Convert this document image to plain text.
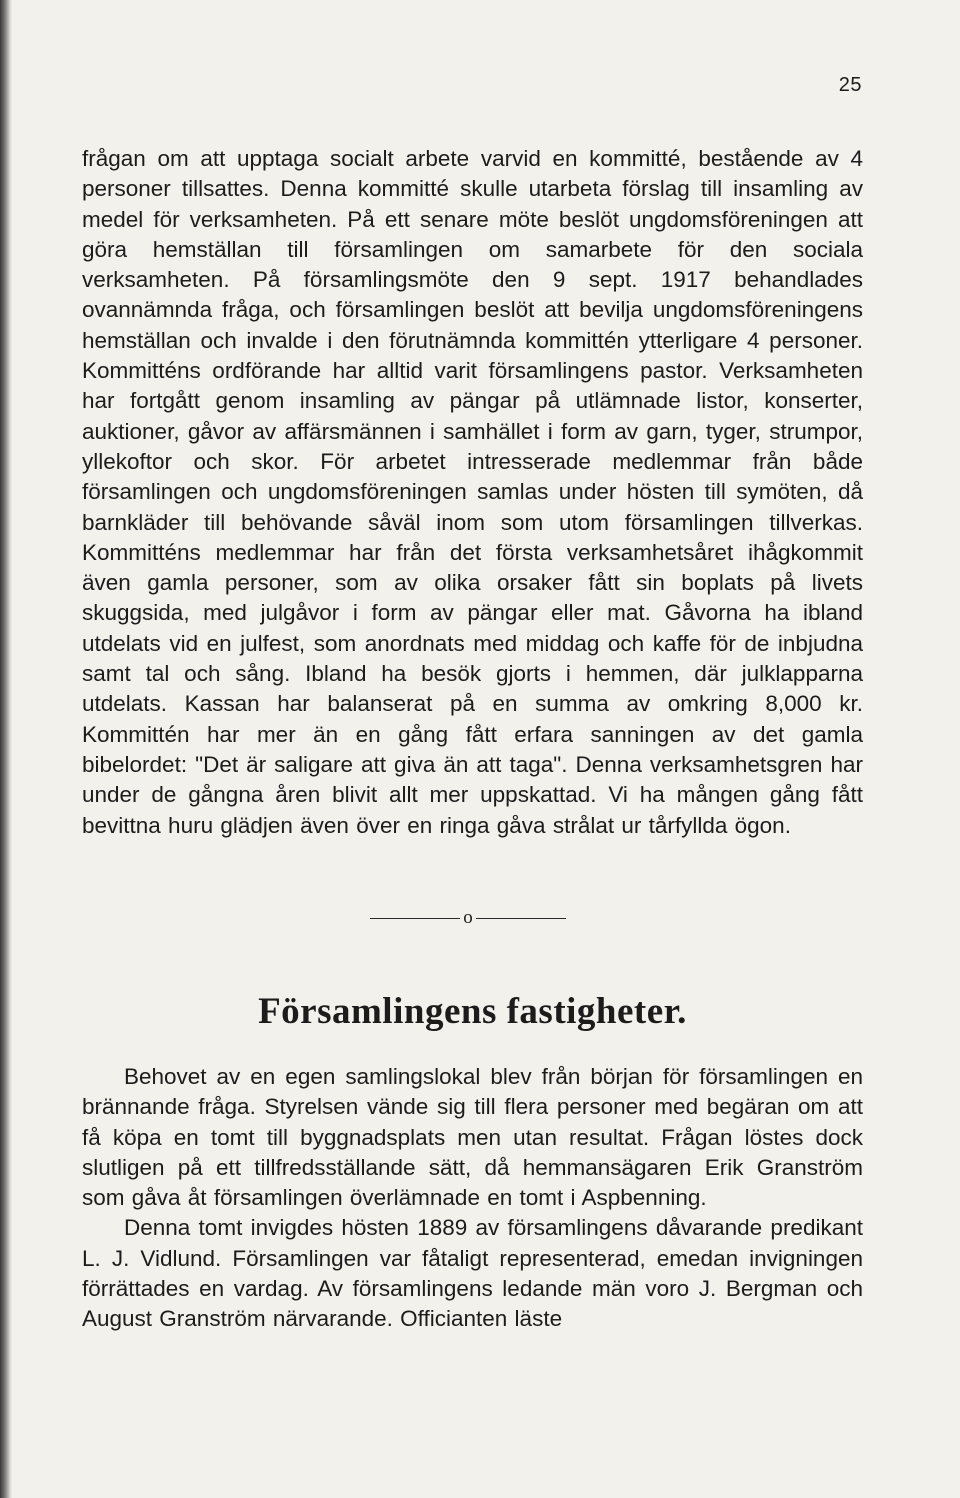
25

frågan om att upptaga socialt arbete varvid en kommitté, bestående av 4 personer tillsattes. Denna kommitté skulle utarbeta förslag till insamling av medel för verksamheten. På ett senare möte beslöt ungdomsföreningen att göra hemställan till församlingen om samarbete för den sociala verksamheten. På församlingsmöte den 9 sept. 1917 behandlades ovannämnda fråga, och församlingen beslöt att bevilja ungdomsföreningens hemställan och invalde i den förutnämnda kommittén ytterligare 4 personer. Kommitténs ordförande har alltid varit församlingens pastor. Verksamheten har fortgått genom insamling av pängar på utlämnade listor, konserter, auktioner, gåvor av affärsmännen i samhället i form av garn, tyger, strumpor, yllekoftor och skor. För arbetet intresserade medlemmar från både församlingen och ungdomsföreningen samlas under hösten till symöten, då barnkläder till behövande såväl inom som utom församlingen tillverkas. Kommitténs medlemmar har från det första verksamhetsåret ihågkommit även gamla personer, som av olika orsaker fått sin boplats på livets skuggsida, med julgåvor i form av pängar eller mat. Gåvorna ha ibland utdelats vid en julfest, som anordnats med middag och kaffe för de inbjudna samt tal och sång. Ibland ha besök gjorts i hemmen, där julklapparna utdelats. Kassan har balanserat på en summa av omkring 8,000 kr. Kommittén har mer än en gång fått erfara sanningen av det gamla bibelordet: "Det är saligare att giva än att taga". Denna verksamhetsgren har under de gångna åren blivit allt mer uppskattad. Vi ha mången gång fått bevittna huru glädjen även över en ringa gåva strålat ur tårfyllda ögon.

o
Församlingens fastigheter.

Behovet av en egen samlingslokal blev från början för församlingen en brännande fråga. Styrelsen vände sig till flera personer med begäran om att få köpa en tomt till byggnadsplats men utan resultat. Frågan löstes dock slutligen på ett tillfredsställande sätt, då hemmansägaren Erik Granström som gåva åt församlingen överlämnade en tomt i Aspbenning.

Denna tomt invigdes hösten 1889 av församlingens dåvarande predikant L. J. Vidlund. Församlingen var fåtaligt representerad, emedan invigningen förrättades en vardag. Av församlingens ledande män voro J. Bergman och August Granström närvarande. Officianten läste
